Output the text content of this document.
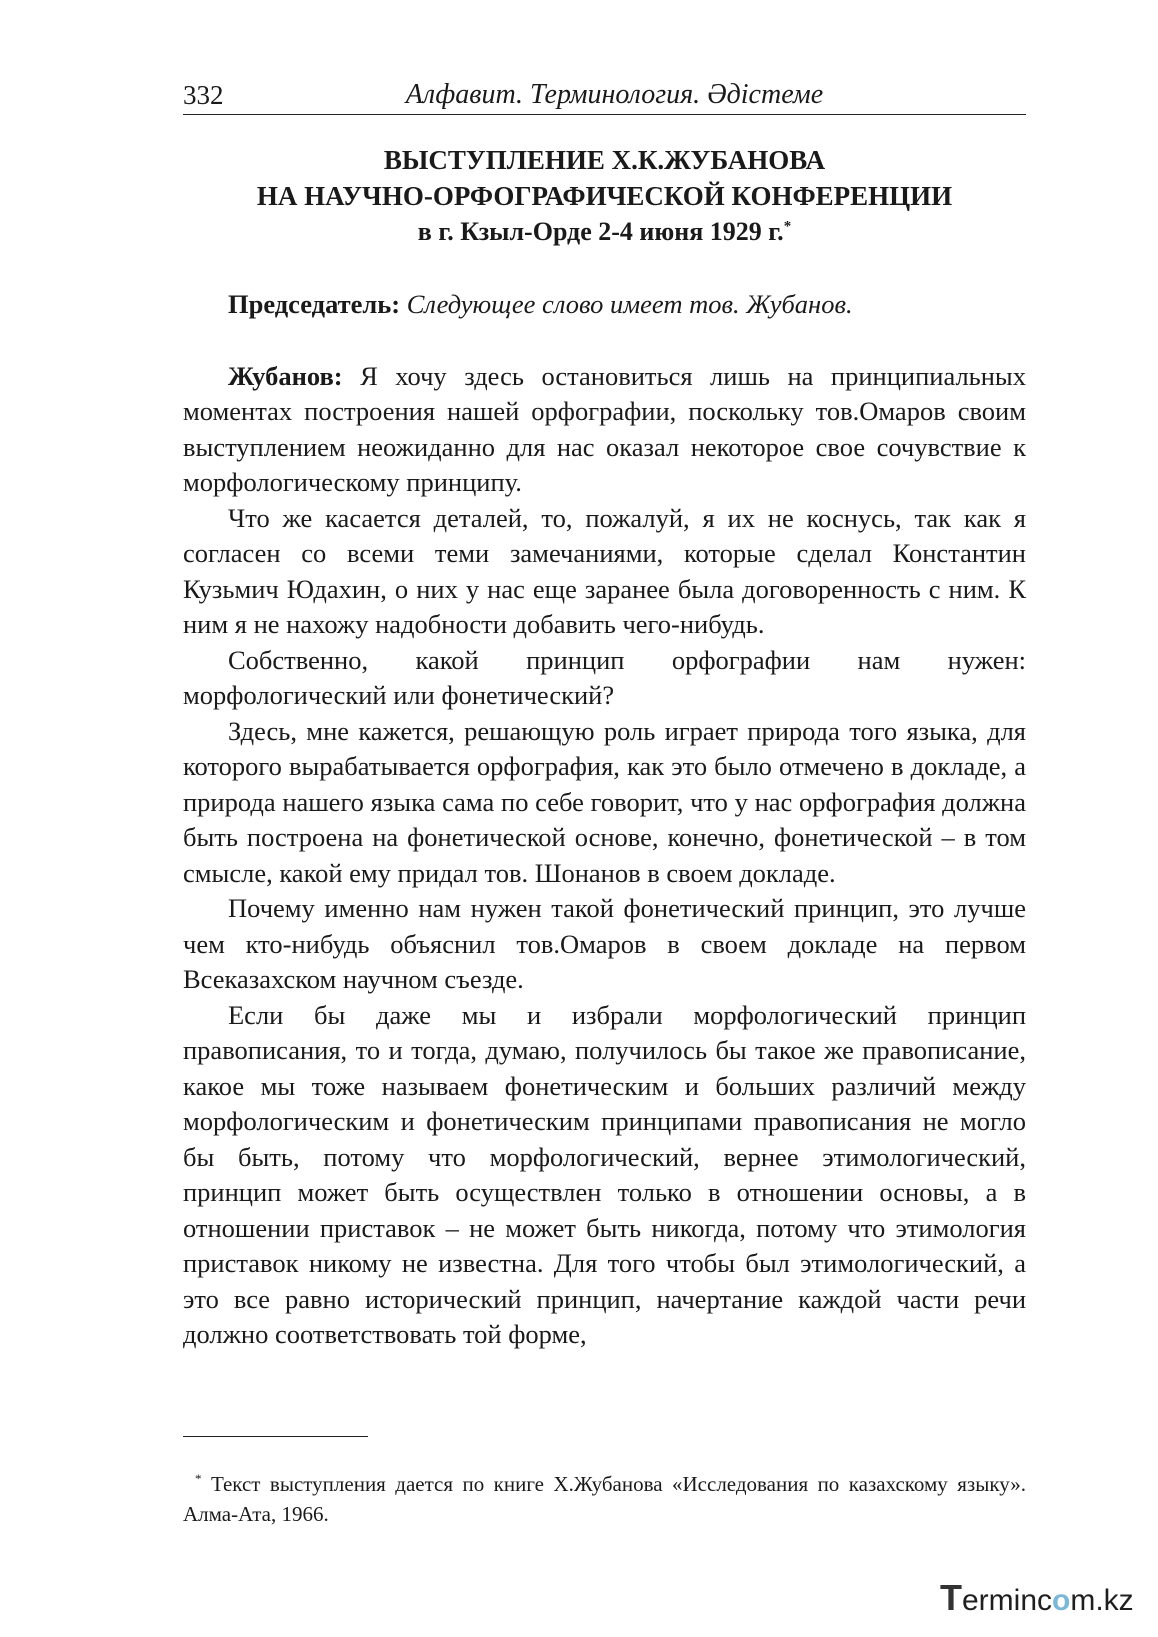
332	Алфавит. Терминология. Әдістеме
ВЫСТУПЛЕНИЕ Х.К.ЖУБАНОВА
НА НАУЧНО-ОРФОГРАФИЧЕСКОЙ КОНФЕРЕНЦИИ
в г. Кзыл-Орде 2-4 июня 1929 г.*

Председатель: Следующее слово имеет тов. Жубанов.

Жубанов: Я хочу здесь остановиться лишь на принципиальных моментах построения нашей орфографии, поскольку тов.Омаров своим выступлением неожиданно для нас оказал некоторое свое сочувствие к морфологическому принципу.

Что же касается деталей, то, пожалуй, я их не коснусь, так как я согласен со всеми теми замечаниями, которые сделал Константин Кузьмич Юдахин, о них у нас еще заранее была договоренность с ним. К ним я не нахожу надобности добавить чего-нибудь.

Собственно, какой принцип орфографии нам нужен: морфологический или фонетический?

Здесь, мне кажется, решающую роль играет природа того языка, для которого вырабатывается орфография, как это было отмечено в докладе, а природа нашего языка сама по себе говорит, что у нас орфография должна быть построена на фонетической основе, конечно, фонетической – в том смысле, какой ему придал тов. Шонанов в своем докладе.

Почему именно нам нужен такой фонетический принцип, это лучше чем кто-нибудь объяснил тов.Омаров в своем докладе на первом Всеказахском научном съезде.

Если бы даже мы и избрали морфологический принцип правописания, то и тогда, думаю, получилось бы такое же правописание, какое мы тоже называем фонетическим и больших различий между морфологическим и фонетическим принципами правописания не могло бы быть, потому что морфологический, вернее этимологический, принцип может быть осуществлен только в отношении основы, а в отношении приставок – не может быть никогда, потому что этимология приставок никому не известна. Для того чтобы был этимологический, а это все равно исторический принцип, начертание каждой части речи должно соответствовать той форме,

* Текст выступления дается по книге Х.Жубанова «Исследования по казахскому языку». Алма-Ата, 1966.

Termincom.kz
